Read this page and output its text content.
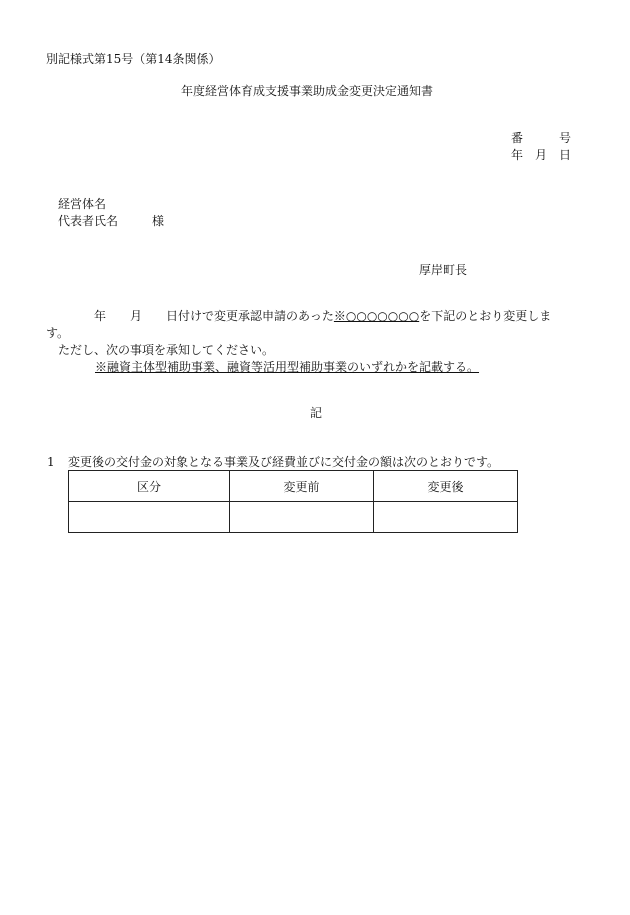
別記様式第15号（第14条関係）
年度経営体育成支援事業助成金変更決定通知書
番　　　号
年　月　日
経営体名
代表者氏名	様
厚岸町長
　　　年　　月　　日付けで変更承認申請のあった※○○○○○○○を下記のとおり変更しま
す。
ただし、次の事項を承知してください。
※融資主体型補助事業、融資等活用型補助事業のいずれかを記載する。
記
1 変更後の交付金の対象となる事業及び経費並びに交付金の額は次のとおりです。
区分	変更前	変更後
